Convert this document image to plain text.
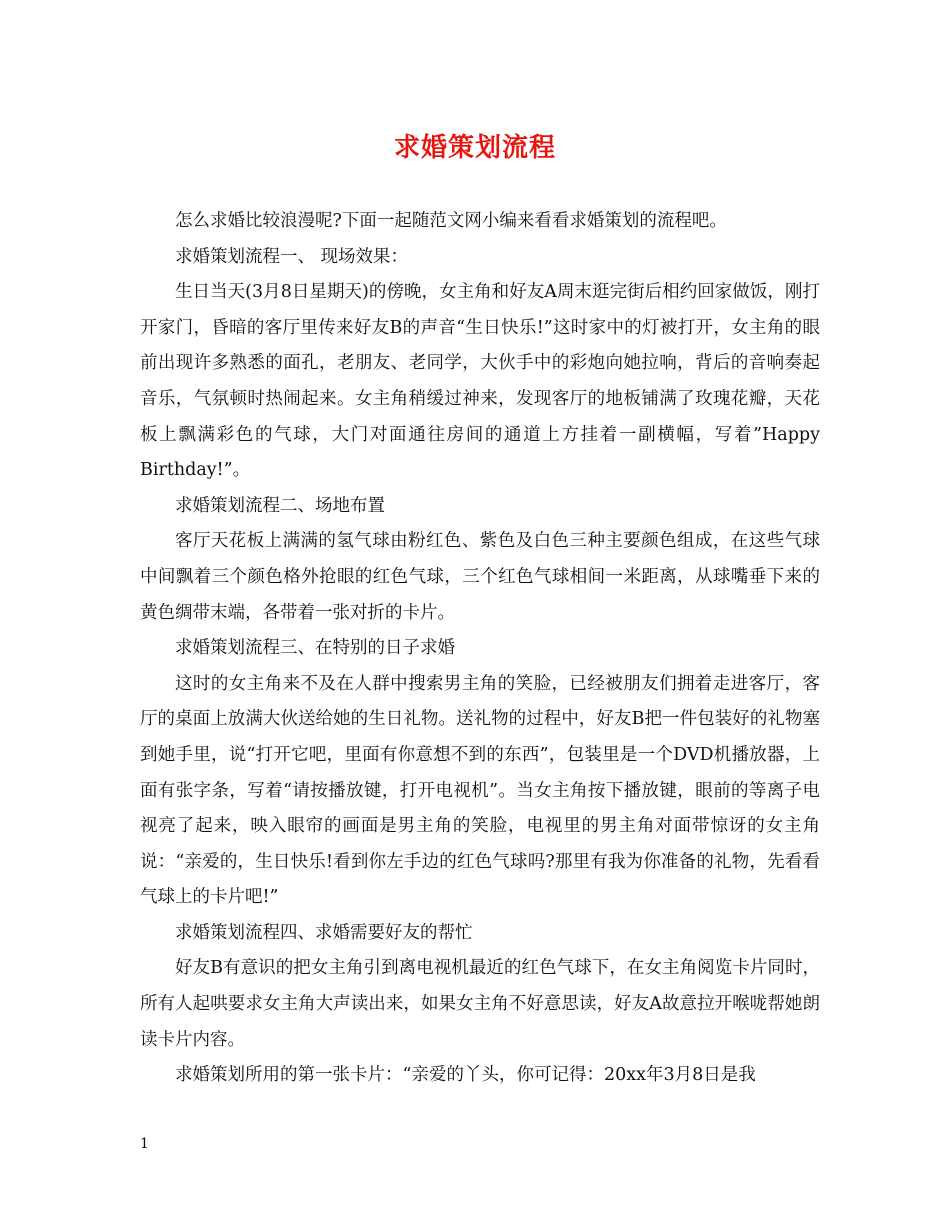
求婚策划流程

怎么求婚比较浪漫呢?下面一起随范文网小编来看看求婚策划的流程吧。

求婚策划流程一、 现场效果：

生日当天(3月8日星期天)的傍晚，女主角和好友A周末逛完街后相约回家做饭，刚打开家门，昏暗的客厅里传来好友B的声音“生日快乐!”这时家中的灯被打开，女主角的眼前出现许多熟悉的面孔，老朋友、老同学，大伙手中的彩炮向她拉响，背后的音响奏起音乐，气氛顿时热闹起来。女主角稍缓过神来，发现客厅的地板铺满了玫瑰花瓣，天花板上飘满彩色的气球，大门对面通往房间的通道上方挂着一副横幅，写着”Happy Birthday!”。

求婚策划流程二、场地布置

客厅天花板上满满的氢气球由粉红色、紫色及白色三种主要颜色组成，在这些气球中间飘着三个颜色格外抢眼的红色气球，三个红色气球相间一米距离，从球嘴垂下来的黄色绸带末端，各带着一张对折的卡片。

求婚策划流程三、在特别的日子求婚

这时的女主角来不及在人群中搜索男主角的笑脸，已经被朋友们拥着走进客厅，客厅的桌面上放满大伙送给她的生日礼物。送礼物的过程中，好友B把一件包装好的礼物塞到她手里，说“打开它吧，里面有你意想不到的东西”，包装里是一个DVD机播放器，上面有张字条，写着“请按播放键，打开电视机”。当女主角按下播放键，眼前的等离子电视亮了起来，映入眼帘的画面是男主角的笑脸，电视里的男主角对面带惊讶的女主角说：“亲爱的，生日快乐!看到你左手边的红色气球吗?那里有我为你准备的礼物，先看看气球上的卡片吧!”

求婚策划流程四、求婚需要好友的帮忙

好友B有意识的把女主角引到离电视机最近的红色气球下，在女主角阅览卡片同时，所有人起哄要求女主角大声读出来，如果女主角不好意思读，好友A故意拉开喉咙帮她朗读卡片内容。

求婚策划所用的第一张卡片：“亲爱的丫头，你可记得：20xx年3月8日是我

1
